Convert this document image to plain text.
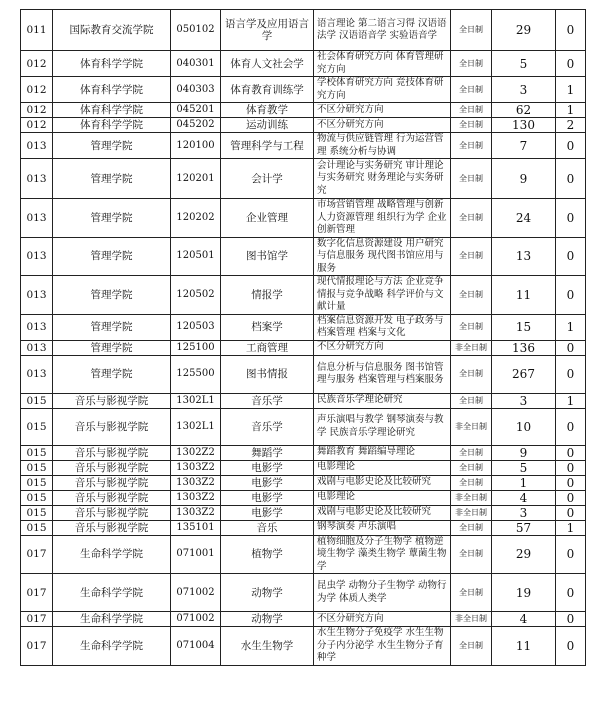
011	国际教育交流学院	050102	语言学及应用语言学	语言理论 第二语言习得 汉语语法学 汉语语音学 实验语音学	全日制	29	0
012	体育科学学院	040301	体育人文社会学	社会体育研究方向 体育管理研究方向	全日制	5	0
012	体育科学学院	040303	体育教育训练学	学校体育研究方向 竞技体育研究方向	全日制	3	1
012	体育科学学院	045201	体育教学	不区分研究方向	全日制	62	1
012	体育科学学院	045202	运动训练	不区分研究方向	全日制	130	2
013	管理学院	120100	管理科学与工程	物流与供应链管理 行为运营管理 系统分析与协调	全日制	7	0
013	管理学院	120201	会计学	会计理论与实务研究 审计理论与实务研究 财务理论与实务研究	全日制	9	0
013	管理学院	120202	企业管理	市场营销管理 战略管理与创新 人力资源管理 组织行为学 企业创新管理	全日制	24	0
013	管理学院	120501	图书馆学	数字化信息资源建设 用户研究与信息服务 现代图书馆应用与服务	全日制	13	0
013	管理学院	120502	情报学	现代情报理论与方法 企业竞争情报与竞争战略 科学评价与文献计量	全日制	11	0
013	管理学院	120503	档案学	档案信息资源开发 电子政务与档案管理 档案与文化	全日制	15	1
013	管理学院	125100	工商管理	不区分研究方向	非全日制	136	0
013	管理学院	125500	图书情报	信息分析与信息服务 图书馆管理与服务 档案管理与档案服务	全日制	267	0
015	音乐与影视学院	1302L1	音乐学	民族音乐学理论研究	全日制	3	1
015	音乐与影视学院	1302L1	音乐学	声乐演唱与教学 钢琴演奏与教学 民族音乐学理论研究	非全日制	10	0
015	音乐与影视学院	1302Z2	舞蹈学	舞蹈教育 舞蹈编导理论	全日制	9	0
015	音乐与影视学院	1303Z2	电影学	电影理论	全日制	5	0
015	音乐与影视学院	1303Z2	电影学	戏剧与电影史论及比较研究	全日制	1	0
015	音乐与影视学院	1303Z2	电影学	电影理论	非全日制	4	0
015	音乐与影视学院	1303Z2	电影学	戏剧与电影史论及比较研究	非全日制	3	0
015	音乐与影视学院	135101	音乐	钢琴演奏 声乐演唱	全日制	57	1
017	生命科学学院	071001	植物学	植物细胞及分子生物学 植物逆境生物学 藻类生物学 蕈菌生物学	全日制	29	0
017	生命科学学院	071002	动物学	昆虫学 动物分子生物学 动物行为学 体质人类学	全日制	19	0
017	生命科学学院	071002	动物学	不区分研究方向	非全日制	4	0
017	生命科学学院	071004	水生生物学	水生生物分子免疫学 水生生物分子内分泌学 水生生物分子育种学	全日制	11	0
